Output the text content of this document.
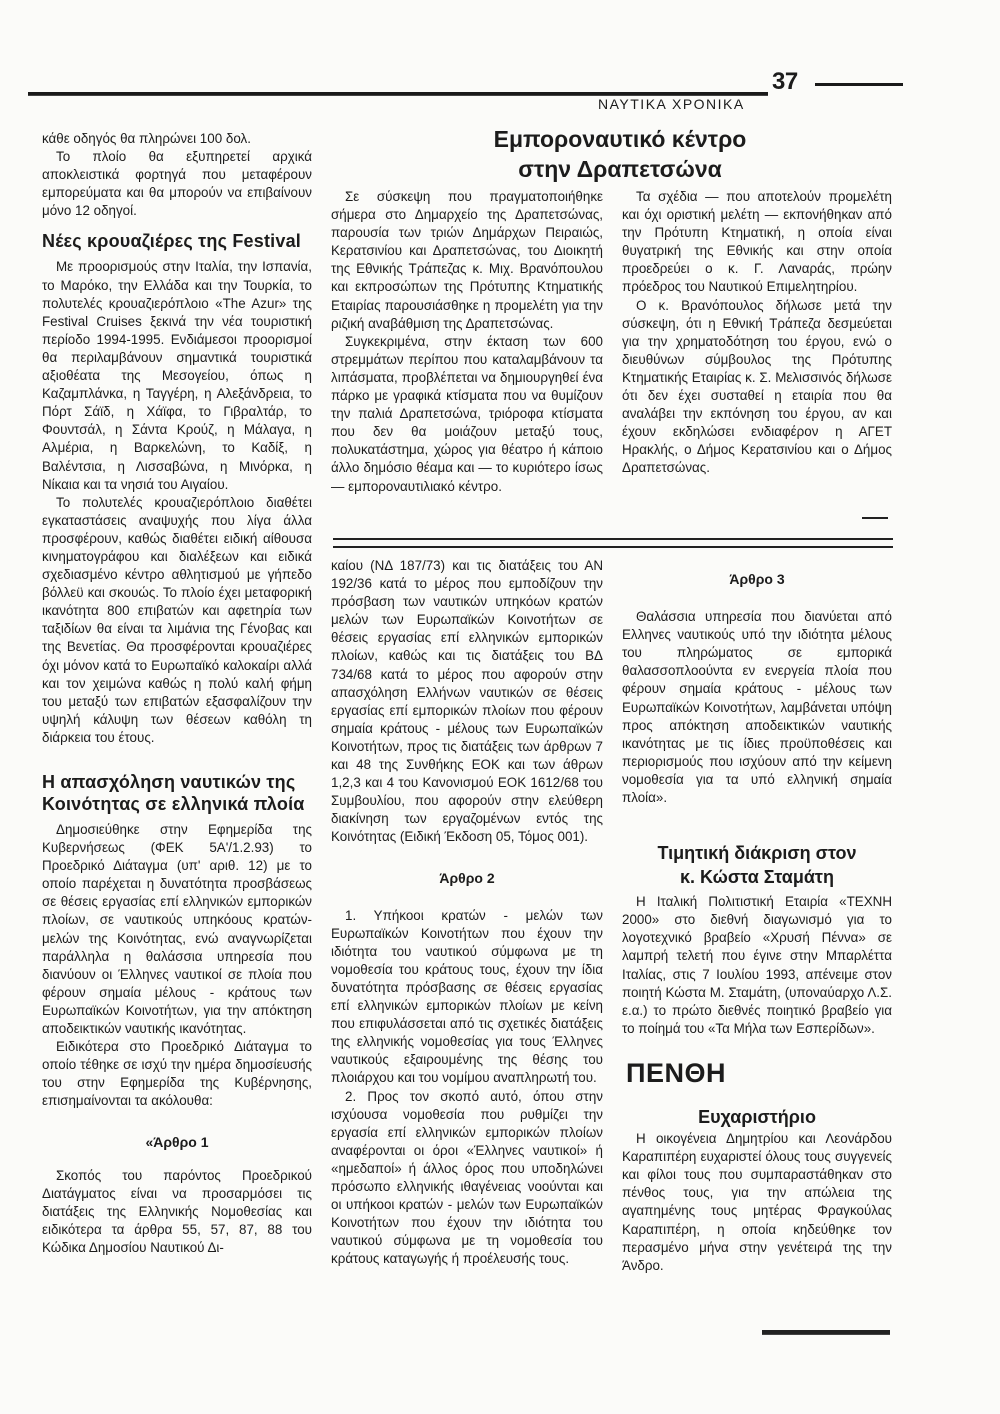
37
ΝΑΥΤΙΚΑ ΧΡΟΝΙΚΑ

κάθε οδηγός θα πληρώνει 100 δολ.

Το πλοίο θα εξυπηρετεί αρχικά αποκλειστικά φορτηγά που μεταφέρουν εμπορεύματα και θα μπορούν να επιβαίνουν μόνο 12 οδηγοί.

Νέες κρουαζιέρες της Festival

Με προορισμούς στην Ιταλία, την Ισπανία, το Μαρόκο, την Ελλάδα και την Τουρκία, το πολυτελές κρουαζιερόπλοιο «The Azur» της Festival Cruises ξεκινά την νέα τουριστική περίοδο 1994-1995. Ενδιάμεσοι προορισμοί θα περιλαμβάνουν σημαντικά τουριστικά αξιοθέατα της Μεσογείου, όπως η Καζαμπλάνκα, η Ταγγέρη, η Αλεξάνδρεια, το Πόρτ Σάϊδ, η Χάϊφα, το Γιβραλτάρ, το Φουντσάλ, η Σάντα Κρούζ, η Μάλαγα, η Αλμέρια, η Βαρκελώνη, το Καδίξ, η Βαλέντσια, η Λισσαβώνα, η Μινόρκα, η Νίκαια και τα νησιά του Αιγαίου.

Το πολυτελές κρουαζιερόπλοιο διαθέτει εγκαταστάσεις αναψυχής που λίγα άλλα προσφέρουν, καθώς διαθέτει ειδική αίθουσα κινηματογράφου και διαλέξεων και ειδικά σχεδιασμένο κέντρο αθλητισμού με γήπεδο βόλλεϋ και σκουώς. Το πλοίο έχει μεταφορική ικανότητα 800 επιβατών και αφετηρία των ταξιδίων θα είναι τα λιμάνια της Γένοβας και της Βενετίας. Θα προσφέρονται κρουαζιέρες όχι μόνον κατά το Ευρωπαϊκό καλοκαίρι αλλά και τον χειμώνα καθώς η πολύ καλή φήμη του μεταξύ των επιβατών εξασφαλίζουν την υψηλή κάλυψη των θέσεων καθόλη τη διάρκεια του έτους.

Η απασχόληση ναυτικών της Κοινότητας σε ελληνικά πλοία

Δημοσιεύθηκε στην Εφημερίδα της Κυβερνήσεως (ΦΕΚ 5Α'/1.2.93) το Προεδρικό Διάταγμα (υπ' αριθ. 12) με το οποίο παρέχεται η δυνατότητα προσβάσεως σε θέσεις εργασίας επί ελληνικών εμπορικών πλοίων, σε ναυτικούς υπηκόους κρατών-μελών της Κοινότητας, ενώ αναγνωρίζεται παράλληλα η θαλάσσια υπηρεσία που διανύουν οι Έλληνες ναυτικοί σε πλοία που φέρουν σημαία μέλους - κράτους των Ευρωπαϊκών Κοινοτήτων, για την απόκτηση αποδεικτικών ναυτικής ικανότητας.

Ειδικότερα στο Προεδρικό Διάταγμα το οποίο τέθηκε σε ισχύ την ημέρα δημοσίευσής του στην Εφημερίδα της Κυβέρνησης, επισημαίνονται τα ακόλουθα:

«Άρθρο 1

Σκοπός του παρόντος Προεδρικού Διατάγματος είναι να προσαρμόσει τις διατάξεις της Ελληνικής Νομοθεσίας και ειδικότερα τα άρθρα 55, 57, 87, 88 του Κώδικα Δημοσίου Ναυτικού Δι-

Εμποροναυτικό κέντρο
στην Δραπετσώνα

Σε σύσκεψη που πραγματοποιήθηκε σήμερα στο Δημαρχείο της Δραπετσώνας, παρουσία των τριών Δημάρχων Πειραιώς, Κερατσινίου και Δραπετσώνας, του Διοικητή της Εθνικής Τράπεζας κ. Μιχ. Βρανόπουλου και εκπροσώπων της Πρότυπης Κτηματικής Εταιρίας παρουσιάσθηκε η προμελέτη για την ριζική αναβάθμιση της Δραπετσώνας.

Συγκεκριμένα, στην έκταση των 600 στρεμμάτων περίπου που καταλαμβάνουν τα λιπάσματα, προβλέπεται να δημιουργηθεί ένα πάρκο με γραφικά κτίσματα που να θυμίζουν την παλιά Δραπετσώνα, τριόροφα κτίσματα που δεν θα μοιάζουν μεταξύ τους, πολυκατάστημα, χώρος για θέατρο ή κάποιο άλλο δημόσιο θέαμα και — το κυριότερο ίσως — εμποροναυτιλιακό κέντρο.

Τα σχέδια — που αποτελούν προμελέτη και όχι οριστική μελέτη — εκπονήθηκαν από την Πρότυπη Κτηματική, η οποία είναι θυγατρική της Εθνικής και στην οποία προεδρεύει ο κ. Γ. Λαναράς, πρώην πρόεδρος του Ναυτικού Επιμελητηρίου.

Ο κ. Βρανόπουλος δήλωσε μετά την σύσκεψη, ότι η Εθνική Τράπεζα δεσμεύεται για την χρηματοδότηση του έργου, ενώ ο διευθύνων σύμβουλος της Πρότυπης Κτηματικής Εταιρίας κ. Σ. Μελισσινός δήλωσε ότι δεν έχει συσταθεί η εταιρία που θα αναλάβει την εκπόνηση του έργου, αν και έχουν εκδηλώσει ενδιαφέρον η ΑΓΕΤ Ηρακλής, ο Δήμος Κερατσινίου και ο Δήμος Δραπετσώνας.

καίου (ΝΔ 187/73) και τις διατάξεις του ΑΝ 192/36 κατά το μέρος που εμποδίζουν την πρόσβαση των ναυτικών υπηκόων κρατών μελών των Ευρωπαϊκών Κοινοτήτων σε θέσεις εργασίας επί ελληνικών εμπορικών πλοίων, καθώς και τις διατάξεις του ΒΔ 734/68 κατά το μέρος που αφορούν στην απασχόληση Ελλήνων ναυτικών σε θέσεις εργασίας επί εμπορικών πλοίων που φέρουν σημαία κράτους - μέλους των Ευρωπαϊκών Κοινοτήτων, προς τις διατάξεις των άρθρων 7 και 48 της Συνθήκης ΕΟΚ και των άθρων 1,2,3 και 4 του Κανονισμού ΕΟΚ 1612/68 του Συμβουλίου, που αφορούν στην ελεύθερη διακίνηση των εργαζομένων εντός της Κοινότητας (Ειδική Έκδοση 05, Τόμος 001).

Άρθρο 2

1. Υπήκοοι κρατών - μελών των Ευρωπαϊκών Κοινοτήτων που έχουν την ιδιότητα του ναυτικού σύμφωνα με τη νομοθεσία του κράτους τους, έχουν την ίδια δυνατότητα πρόσβασης σε θέσεις εργασίας επί ελληνικών εμπορικών πλοίων με κείνη που επιφυλάσσεται από τις σχετικές διατάξεις της ελληνικής νομοθεσίας για τους Έλληνες ναυτικούς εξαιρουμένης της θέσης του πλοιάρχου και του νομίμου αναπληρωτή του.

2. Προς τον σκοπό αυτό, όπου στην ισχύουσα νομοθεσία που ρυθμίζει την εργασία επί ελληνικών εμπορικών πλοίων αναφέρονται οι όροι «Έλληνες ναυτικοί» ή «ημεδαποί» ή άλλος όρος που υποδηλώνει πρόσωπο ελληνικής ιθαγένειας νοούνται και οι υπήκοοι κρατών - μελών των Ευρωπαϊκών Κοινοτήτων που έχουν την ιδιότητα του ναυτικού σύμφωνα με τη νομοθεσία του κράτους καταγωγής ή προέλευσής τους.

Άρθρο 3

Θαλάσσια υπηρεσία που διανύεται από Ελληνες ναυτικούς υπό την ιδιότητα μέλους του πληρώματος σε εμπορικά θαλασσοπλοούντα εν ενεργεία πλοία που φέρουν σημαία κράτους - μέλους των Ευρωπαϊκών Κοινοτήτων, λαμβάνεται υπόψη προς απόκτηση αποδεικτικών ναυτικής ικανότητας με τις ίδιες προϋποθέσεις και περιορισμούς που ισχύουν από την κείμενη νομοθεσία για τα υπό ελληνική σημαία πλοία».

Τιμητική διάκριση στον
κ. Κώστα Σταμάτη

Η Ιταλική Πολιτιστική Εταιρία «ΤΕΧΝΗ 2000» στο διεθνή διαγωνισμό για το λογοτεχνικό βραβείο «Χρυσή Πέννα» σε λαμπρή τελετή που έγινε στην Μπαρλέττα Ιταλίας, στις 7 Ιουλίου 1993, απένειμε στον ποιητή Κώστα Μ. Σταμάτη, (υποναύαρχο Λ.Σ. ε.α.) το πρώτο διεθνές ποιητικό βραβείο για το ποίημά του «Τα Μήλα των Εσπερίδων».

ΠΕΝΘΗ
Ευχαριστήριο

Η οικογένεια Δημητρίου και Λεονάρδου Καραπιπέρη ευχαριστεί όλους τους συγγενείς και φίλοι τους που συμπαραστάθηκαν στο πένθος τους, για την απώλεια της αγαπημένης τους μητέρας Φραγκούλας Καραπιπέρη, η οποία κηδεύθηκε τον περασμένο μήνα στην γενέτειρά της την Άνδρο.
